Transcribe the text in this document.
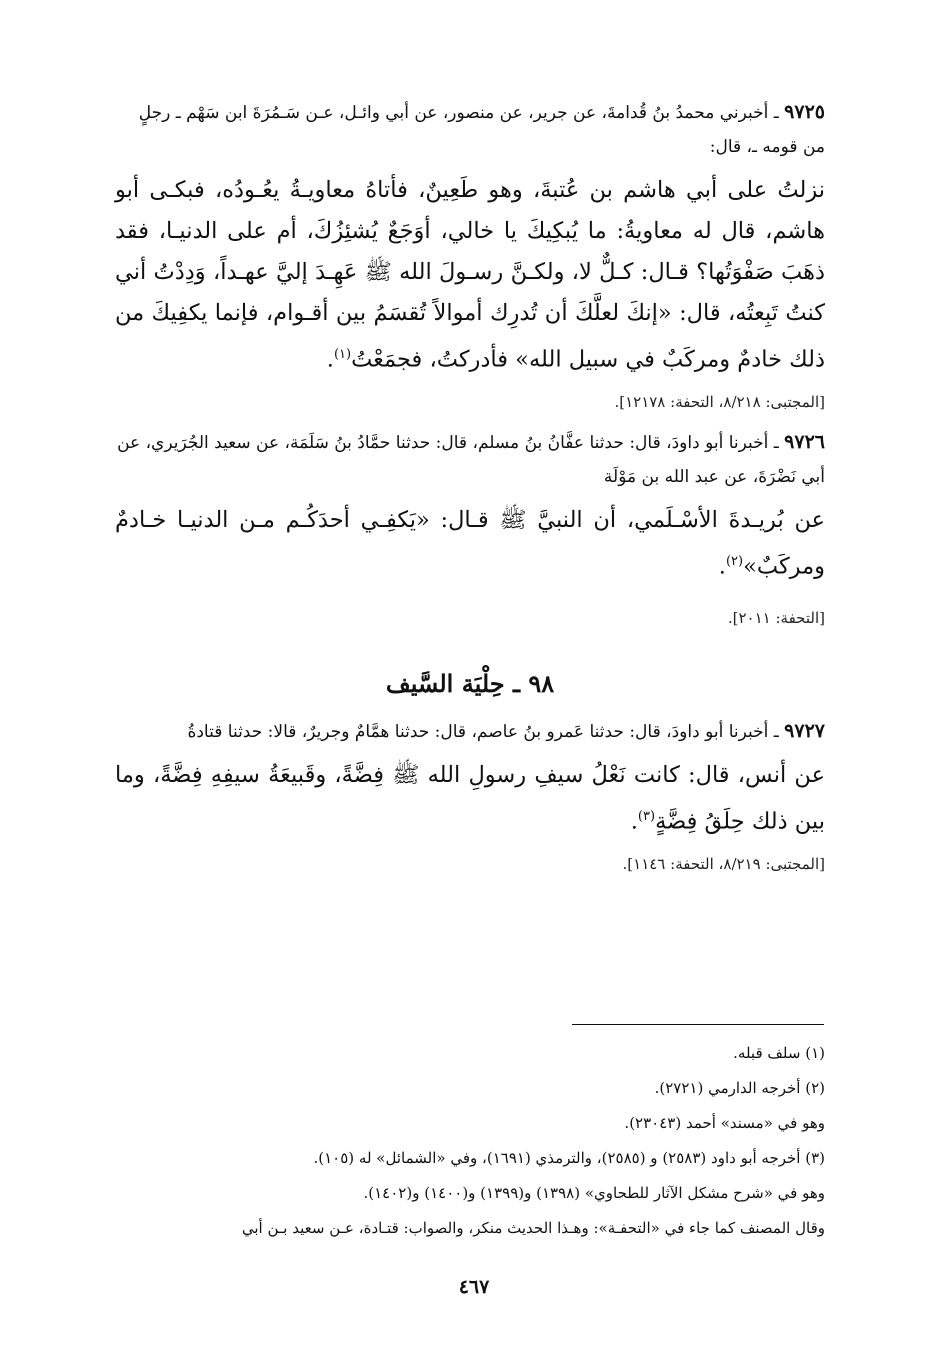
٩٧٢٥ ـ أخبرني محمدُ بنُ قُدامةَ، عن جرير، عن منصور، عن أبي وائـل، عـن سَـمُرَةَ ابن سَهْم ـ رجلٍ من قومه ـ، قال:

نزلتُ على أبي هاشم بن عُتبةَ، وهو طَعِينٌ، فأتاهُ معاويـةُ يعُـودُه، فبكـى أبو هاشم، قال له معاويةُ: ما يُبكِيكَ يا خالي، أوَجَعٌ يُشئِزُكَ، أم على الدنيـا، فقد ذهَبَ صَفْوَتُها؟ قـال: كـلٌّ لا، ولكـنَّ رسـولَ الله ﷺ عَهِـدَ إليَّ عهـداً، وَدِدْتُ أني كنتُ تَبِعتُه، قال: «إنكَ لعلَّكَ أن تُدرِك أموالاً تُقسَمُ بين أقـوام، فإنما يكفِيكَ من ذلك خادمٌ ومركَبٌ في سبيل الله» فأدركتُ، فجمَعْتُ$^{(١)}$.

[المجتبى: ٨/٢١٨، التحفة: ١٢١٧٨].

٩٧٢٦ ـ أخبرنا أبو داودَ، قال: حدثنا عفَّانُ بنُ مسلم، قال: حدثنا حمَّادُ بنُ سَلَمَة، عن سعيد الجُرَيري، عن أبي نَضْرَةَ، عن عبد الله بن مَوْلَة

عن بُريـدةَ الأسْـلَمي، أن النبيَّ ﷺ قـال: «يَكفِـي أحدَكُـم مـن الدنيـا خـادمٌ ومركَبٌ»$^{(٢)}$.

[التحفة: ٢٠١١].

٩٨ ـ حِلْيَة السَّيف

٩٧٢٧ ـ أخبرنا أبو داودَ، قال: حدثنا عَمرو بنُ عاصم، قال: حدثنا همَّامٌ وجريرٌ، قالا: حدثنا قتادةُ

عن أنس، قال: كانت نَعْلُ سيفِ رسولِ الله ﷺ فِضَّةً، وقَبيعَةُ سيفِهِ فِضَّةً، وما بين ذلك حِلَقُ فِضَّةٍ$^{(٣)}$.

[المجتبى: ٨/٢١٩، التحفة: ١١٤٦].

(١) سلف قبله.

(٢) أخرجه الدارمي (٢٧٢١).

وهو في «مسند» أحمد (٢٣٠٤٣).

(٣) أخرجه أبو داود (٢٥٨٣) و (٢٥٨٥)، والترمذي (١٦٩١)، وفي «الشمائل» له (١٠٥).

وهو في «شرح مشكل الآثار للطحاوي» (١٣٩٨) و(١٣٩٩) و(١٤٠٠) و(١٤٠٢).

وقال المصنف كما جاء في «التحفـة»: وهـذا الحديث منكر، والصواب: قتـادة، عـن سعيد بـن أبي

٤٦٧
